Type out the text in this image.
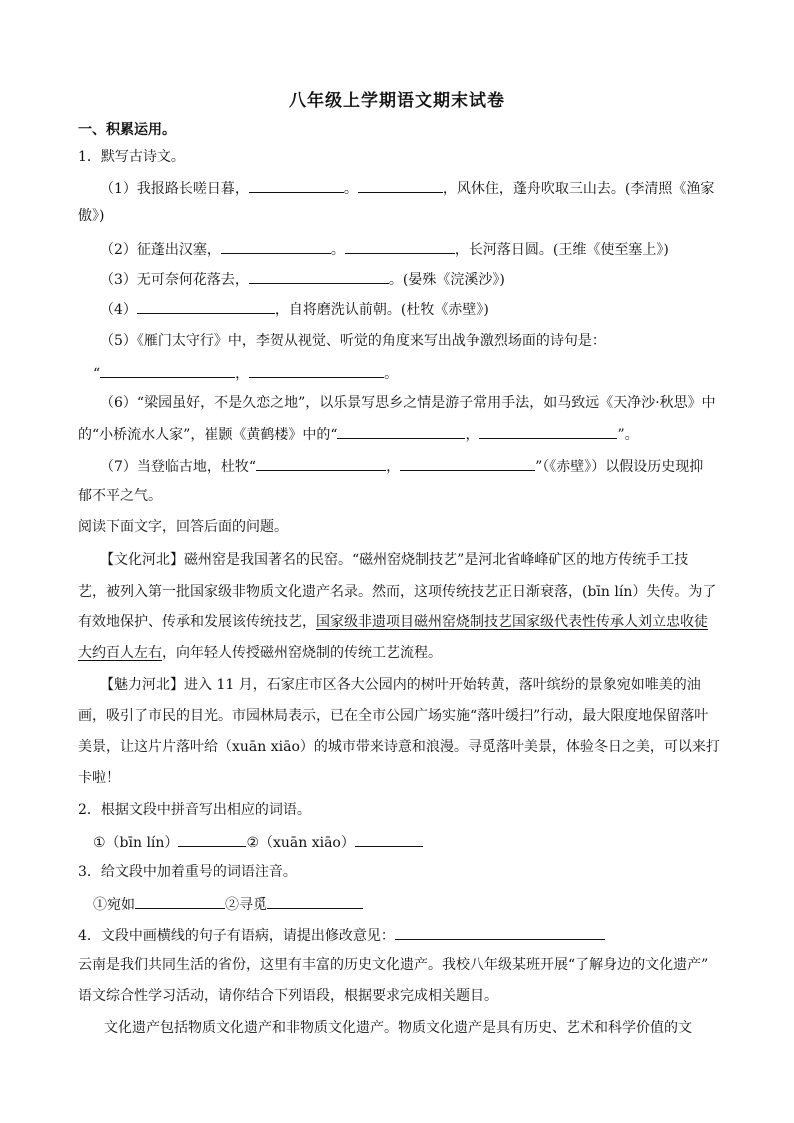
八年级上学期语文期末试卷
一、积累运用。
1．默写古诗文。
（1）我报路长嗟日暮，	。	，风休住，蓬舟吹取三山去。(李清照《渔家
傲》)
（2）征蓬出汉塞，	。	，长河落日圆。(王维《使至塞上》)
（3）无可奈何花落去，	。(晏殊《浣溪沙》)
（4）	，自将磨洗认前朝。(杜牧《赤壁》)
（5）《雁门太守行》中，李贺从视觉、听觉的角度来写出战争激烈场面的诗句是：
“	，	。
（6）“梁园虽好，不是久恋之地”，以乐景写思乡之情是游子常用手法，如马致远《天净沙·秋思》中
的“小桥流水人家”，崔颢《黄鹤楼》中的“	，	”。
（7）当登临古地，杜牧“	，	”（《赤壁》）以假设历史现抑
郁不平之气。
阅读下面文字，回答后面的问题。
【文化河北】磁州窑是我国著名的民窑。“磁州窑烧制技艺”是河北省峰峰矿区的地方传统手工技
艺，被列入第一批国家级非物质文化遗产名录。然而，这项传统技艺正日渐衰落，(bīn lín）失传。为了
有效地保护、传承和发展该传统技艺，国家级非遗项目磁州窑烧制技艺国家级代表性传承人刘立忠收徒
大约百人左右，向年轻人传授磁州窑烧制的传统工艺流程。
【魅力河北】进入 11 月，石家庄市区各大公园内的树叶开始转黄，落叶缤纷的景象宛如唯美的油
画，吸引了市民的目光。市园林局表示，已在全市公园广场实施“落叶缓扫”行动，最大限度地保留落叶
美景，让这片片落叶给（xuān xiāo）的城市带来诗意和浪漫。寻觅落叶美景，体验冬日之美，可以来打
卡啦！
2．根据文段中拼音写出相应的词语。
①（bīn lín）	②（xuān xiāo）
3．给文段中加着重号的词语注音。
①宛如	②寻觅
4．文段中画横线的句子有语病，请提出修改意见：
云南是我们共同生活的省份，这里有丰富的历史文化遗产。我校八年级某班开展“了解身边的文化遗产”
语文综合性学习活动，请你结合下列语段，根据要求完成相关题目。
文化遗产包括物质文化遗产和非物质文化遗产。物质文化遗产是具有历史、艺术和科学价值的文
